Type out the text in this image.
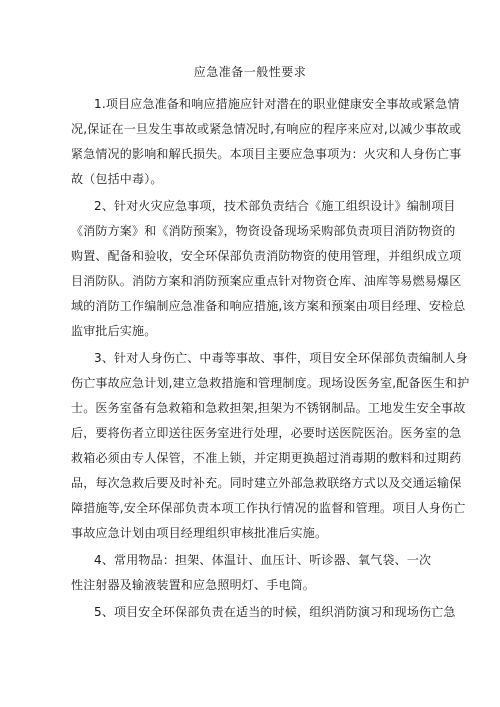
应急准备一般性要求
1.项目应急准备和响应措施应针对潜在的职业健康安全事故或紧急情
况,保证在一旦发生事故或紧急情况时,有响应的程序来应对,以减少事故或
紧急情况的影响和解氏损失。本项目主要应急事项为：火灾和人身伤亡事
故（包括中毒）。
2、针对火灾应急事项，技术部负责结合《施工组织设计》编制项目
《消防方案》和《消防预案》，物资设备现场采购部负责项目消防物资的
购置、配备和验收，安全环保部负责消防物资的使用管理，并组织成立项
目消防队。消防方案和消防预案应重点针对物资仓库、油库等易燃易爆区
域的消防工作编制应急准备和响应措施,该方案和预案由项目经理、安检总
监审批后实施。
3、针对人身伤亡、中毒等事故、事件，项目安全环保部负责编制人身
伤亡事故应急计划,建立急救措施和管理制度。现场设医务室,配备医生和护
士。医务室备有急救箱和急救担架,担架为不锈钢制品。工地发生安全事故
后，要将伤者立即送往医务室进行处理，必要时送医院医治。医务室的急
救箱必须由专人保管，不准上锁，并定期更换超过消毒期的敷料和过期药
品，每次急救后要及时补充。同时建立外部急救联络方式以及交通运输保
障措施等,安全环保部负责本项工作执行情况的监督和管理。项目人身伤亡
事故应急计划由项目经理组织审核批准后实施。
4、常用物品：担架、体温计、血压计、听诊器、氧气袋、一次
性注射器及输液装置和应急照明灯、手电筒。
5、项目安全环保部负责在适当的时候，组织消防演习和现场伤亡急
